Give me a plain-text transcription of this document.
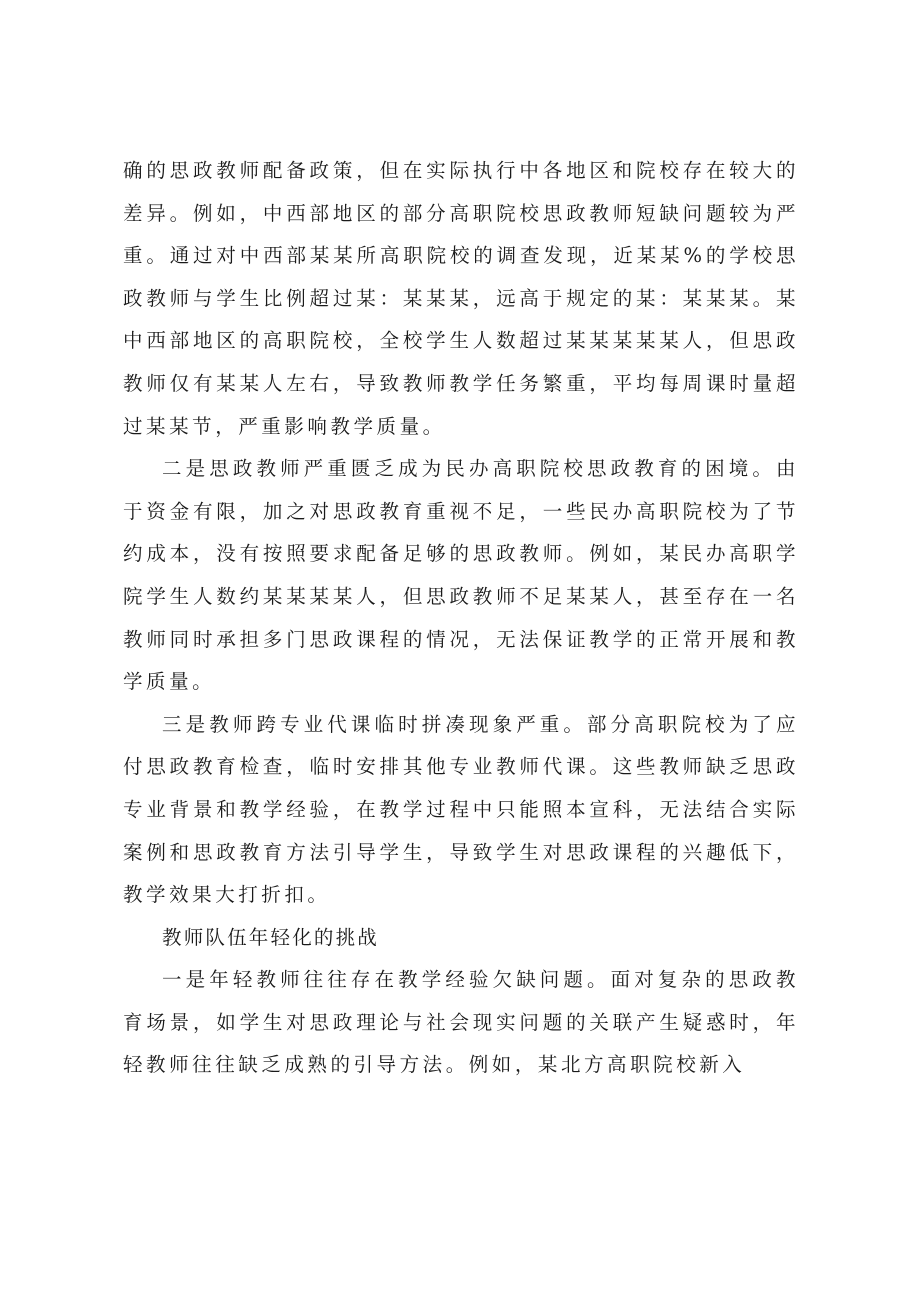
确的思政教师配备政策，但在实际执行中各地区和院校存在较大的差异。例如，中西部地区的部分高职院校思政教师短缺问题较为严重。通过对中西部某某所高职院校的调查发现，近某某%的学校思政教师与学生比例超过某：某某某，远高于规定的某：某某某。某中西部地区的高职院校，全校学生人数超过某某某某某人，但思政教师仅有某某人左右，导致教师教学任务繁重，平均每周课时量超过某某节，严重影响教学质量。

二是思政教师严重匮乏成为民办高职院校思政教育的困境。由于资金有限，加之对思政教育重视不足，一些民办高职院校为了节约成本，没有按照要求配备足够的思政教师。例如，某民办高职学院学生人数约某某某某人，但思政教师不足某某人，甚至存在一名教师同时承担多门思政课程的情况，无法保证教学的正常开展和教学质量。

三是教师跨专业代课临时拼凑现象严重。部分高职院校为了应付思政教育检查，临时安排其他专业教师代课。这些教师缺乏思政专业背景和教学经验，在教学过程中只能照本宣科，无法结合实际案例和思政教育方法引导学生，导致学生对思政课程的兴趣低下，教学效果大打折扣。

教师队伍年轻化的挑战

一是年轻教师往往存在教学经验欠缺问题。面对复杂的思政教育场景，如学生对思政理论与社会现实问题的关联产生疑惑时，年轻教师往往缺乏成熟的引导方法。例如，某北方高职院校新入
